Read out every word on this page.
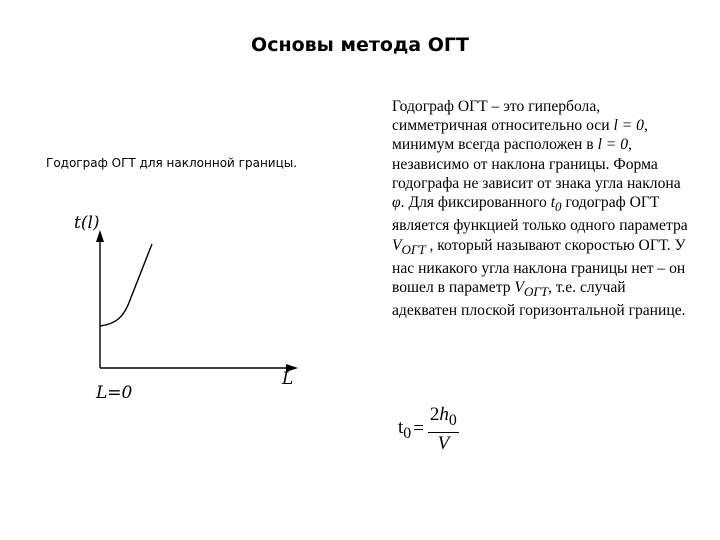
Основы метода ОГТ
Годограф ОГТ для наклонной границы.
t(l)
L
L=0
Годограф ОГТ – это гипербола, симметричная относительно оси l = 0, минимум всегда расположен в l = 0, независимо от наклона границы. Форма годографа не зависит от знака угла наклона φ. Для фиксированного $t_0$ годограф ОГТ является функцией только одного параметра $V_{ОГТ}$ , который называют скоростью ОГТ. У нас никакого угла наклона границы нет – он вошел в параметр $V_{ОГТ}$, т.е. случай адекватен плоской горизонтальной границе.
$t_0 = \frac{2h_0}{V}$
